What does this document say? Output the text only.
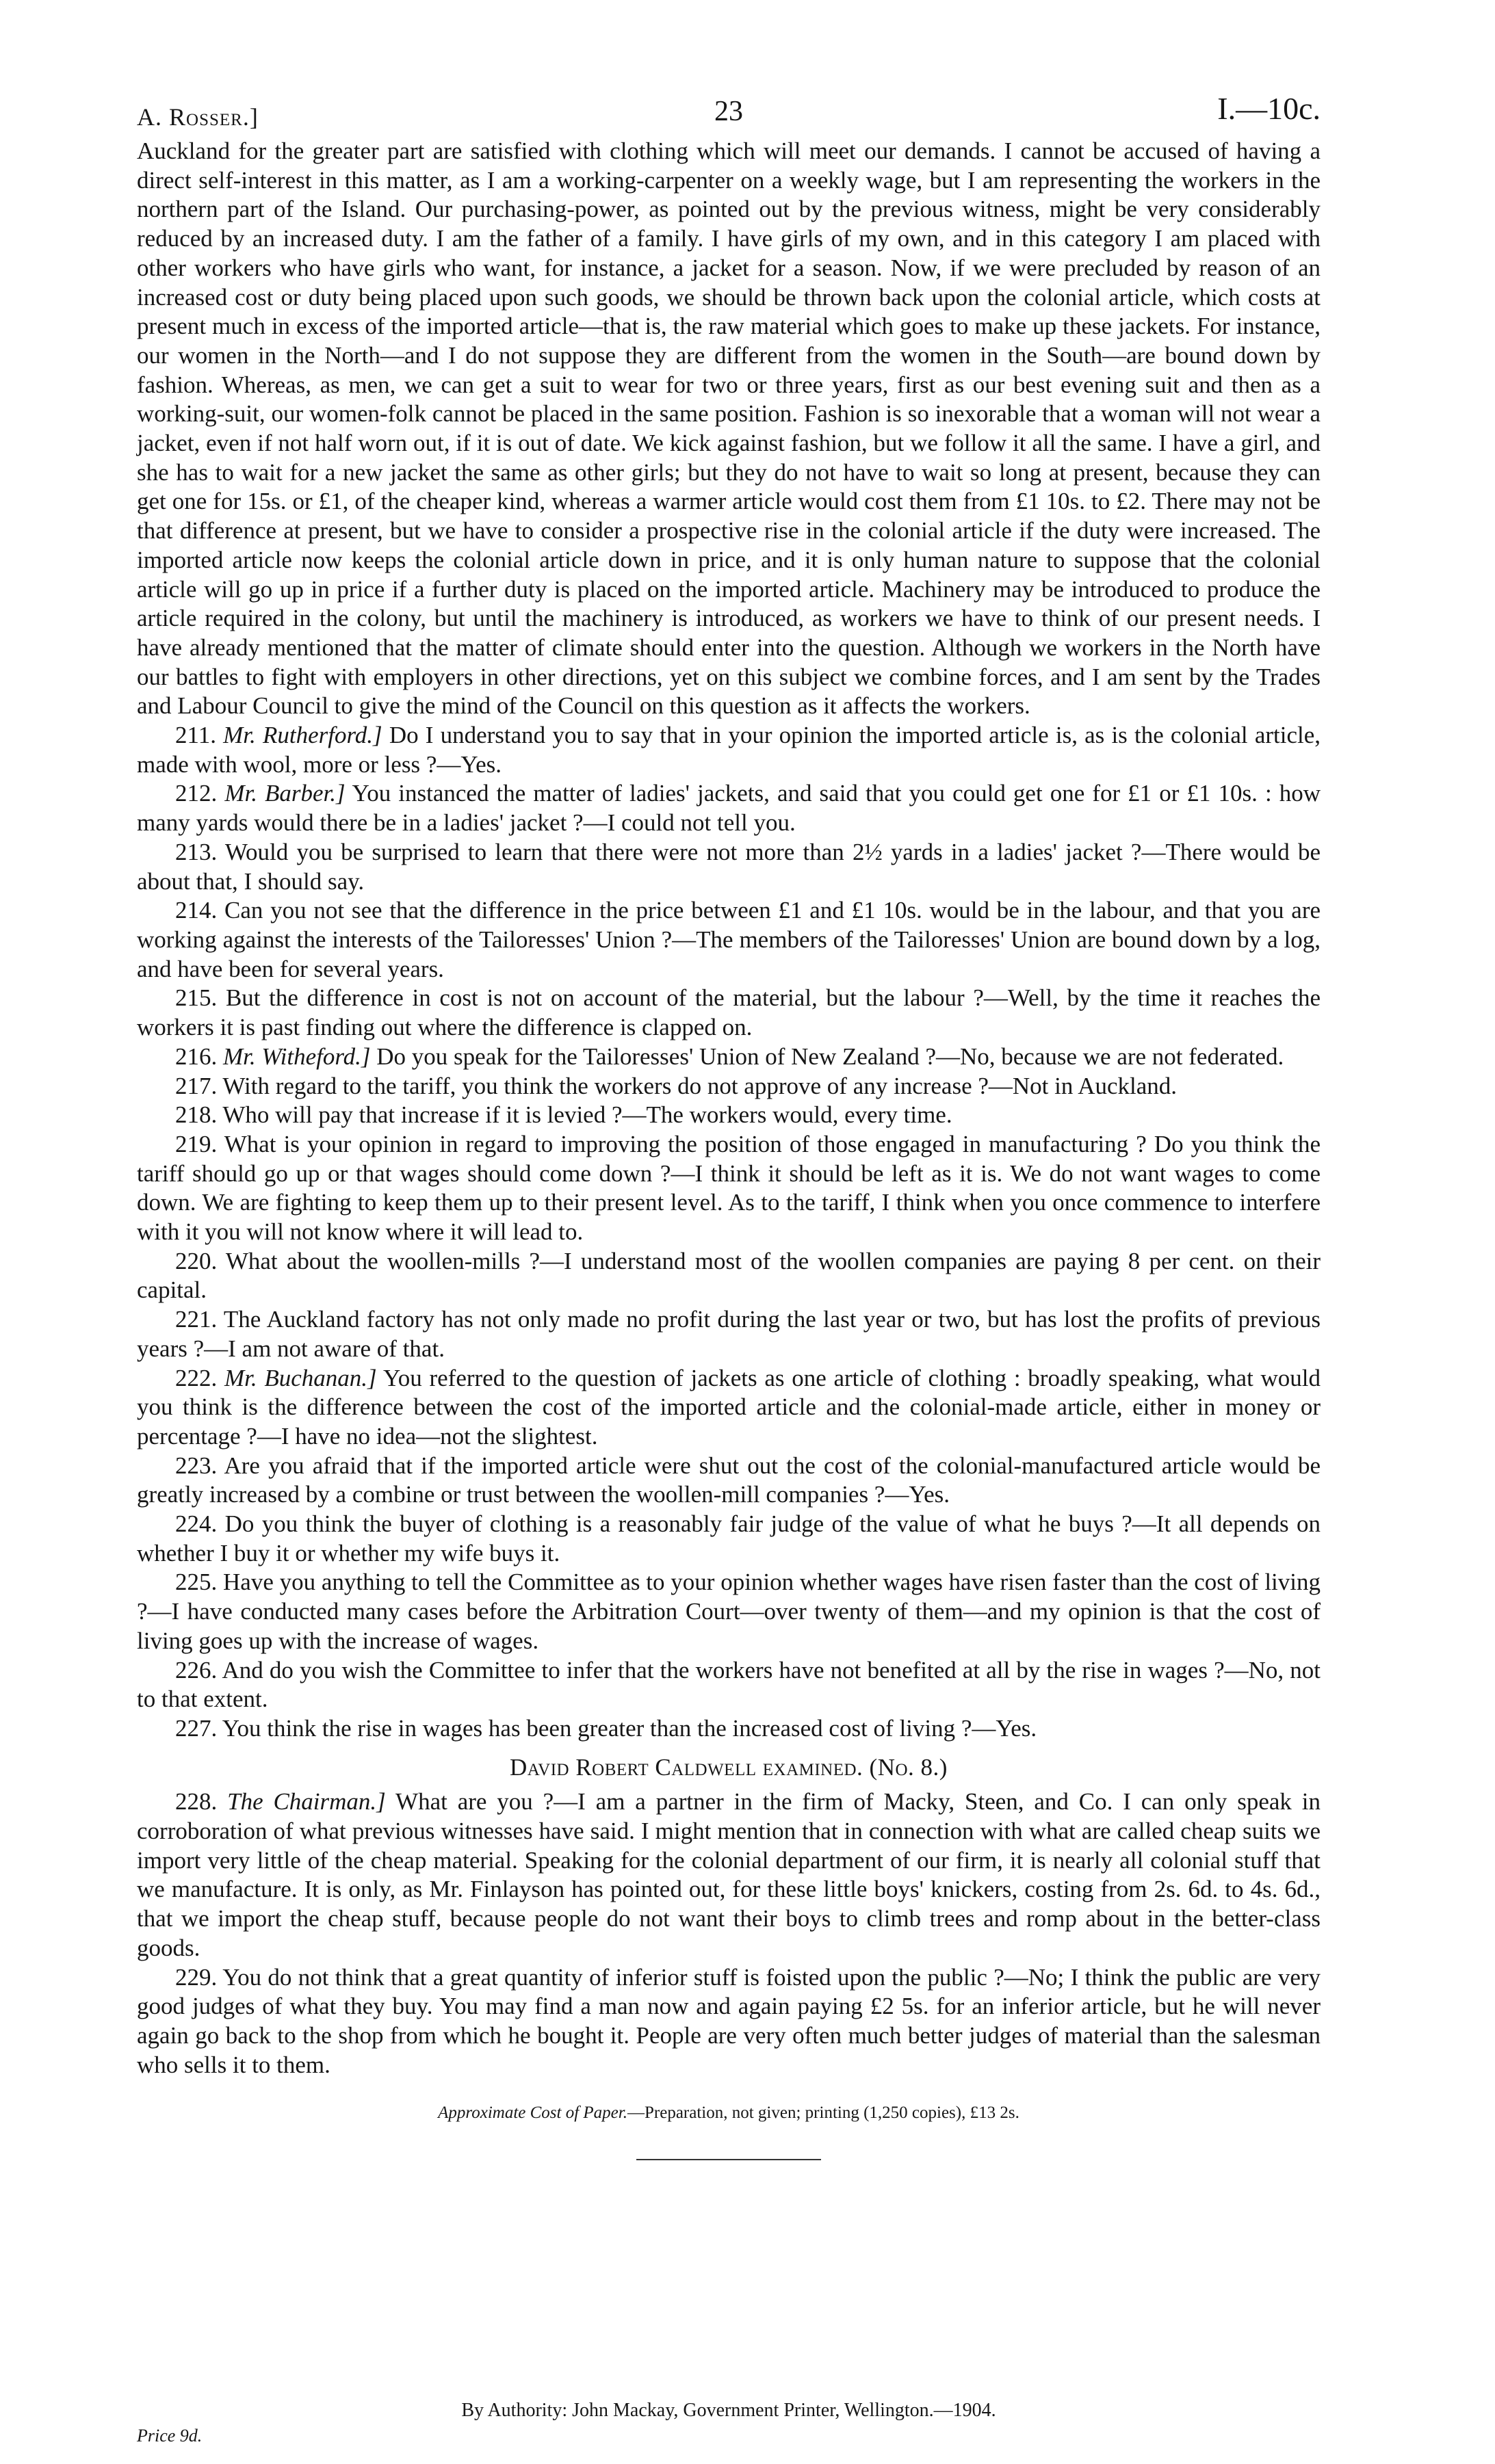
A. Rosser.]	23	I.—10c.

Auckland for the greater part are satisfied with clothing which will meet our demands. I cannot be accused of having a direct self-interest in this matter, as I am a working-carpenter on a weekly wage, but I am representing the workers in the northern part of the Island. Our purchasing-power, as pointed out by the previous witness, might be very considerably reduced by an increased duty. I am the father of a family. I have girls of my own, and in this category I am placed with other workers who have girls who want, for instance, a jacket for a season. Now, if we were precluded by reason of an increased cost or duty being placed upon such goods, we should be thrown back upon the colonial article, which costs at present much in excess of the imported article—that is, the raw material which goes to make up these jackets. For instance, our women in the North—and I do not suppose they are different from the women in the South—are bound down by fashion. Whereas, as men, we can get a suit to wear for two or three years, first as our best evening suit and then as a working-suit, our women-folk cannot be placed in the same position. Fashion is so inexorable that a woman will not wear a jacket, even if not half worn out, if it is out of date. We kick against fashion, but we follow it all the same. I have a girl, and she has to wait for a new jacket the same as other girls; but they do not have to wait so long at present, because they can get one for 15s. or £1, of the cheaper kind, whereas a warmer article would cost them from £1 10s. to £2. There may not be that difference at present, but we have to consider a prospective rise in the colonial article if the duty were increased. The imported article now keeps the colonial article down in price, and it is only human nature to suppose that the colonial article will go up in price if a further duty is placed on the imported article. Machinery may be introduced to produce the article required in the colony, but until the machinery is introduced, as workers we have to think of our present needs. I have already mentioned that the matter of climate should enter into the question. Although we workers in the North have our battles to fight with employers in other directions, yet on this subject we combine forces, and I am sent by the Trades and Labour Council to give the mind of the Council on this question as it affects the workers.

211. Mr. Rutherford.] Do I understand you to say that in your opinion the imported article is, as is the colonial article, made with wool, more or less ?—Yes.

212. Mr. Barber.] You instanced the matter of ladies' jackets, and said that you could get one for £1 or £1 10s. : how many yards would there be in a ladies' jacket ?—I could not tell you.

213. Would you be surprised to learn that there were not more than 2½ yards in a ladies' jacket ?—There would be about that, I should say.

214. Can you not see that the difference in the price between £1 and £1 10s. would be in the labour, and that you are working against the interests of the Tailoresses' Union ?—The members of the Tailoresses' Union are bound down by a log, and have been for several years.

215. But the difference in cost is not on account of the material, but the labour ?—Well, by the time it reaches the workers it is past finding out where the difference is clapped on.

216. Mr. Witheford.] Do you speak for the Tailoresses' Union of New Zealand ?—No, because we are not federated.

217. With regard to the tariff, you think the workers do not approve of any increase ?—Not in Auckland.

218. Who will pay that increase if it is levied ?—The workers would, every time.

219. What is your opinion in regard to improving the position of those engaged in manufacturing ? Do you think the tariff should go up or that wages should come down ?—I think it should be left as it is. We do not want wages to come down. We are fighting to keep them up to their present level. As to the tariff, I think when you once commence to interfere with it you will not know where it will lead to.

220. What about the woollen-mills ?—I understand most of the woollen companies are paying 8 per cent. on their capital.

221. The Auckland factory has not only made no profit during the last year or two, but has lost the profits of previous years ?—I am not aware of that.

222. Mr. Buchanan.] You referred to the question of jackets as one article of clothing : broadly speaking, what would you think is the difference between the cost of the imported article and the colonial-made article, either in money or percentage ?—I have no idea—not the slightest.

223. Are you afraid that if the imported article were shut out the cost of the colonial-manufactured article would be greatly increased by a combine or trust between the woollen-mill companies ?—Yes.

224. Do you think the buyer of clothing is a reasonably fair judge of the value of what he buys ?—It all depends on whether I buy it or whether my wife buys it.

225. Have you anything to tell the Committee as to your opinion whether wages have risen faster than the cost of living ?—I have conducted many cases before the Arbitration Court—over twenty of them—and my opinion is that the cost of living goes up with the increase of wages.

226. And do you wish the Committee to infer that the workers have not benefited at all by the rise in wages ?—No, not to that extent.

227. You think the rise in wages has been greater than the increased cost of living ?—Yes.

David Robert Caldwell examined. (No. 8.)

228. The Chairman.] What are you ?—I am a partner in the firm of Macky, Steen, and Co. I can only speak in corroboration of what previous witnesses have said. I might mention that in connection with what are called cheap suits we import very little of the cheap material. Speaking for the colonial department of our firm, it is nearly all colonial stuff that we manufacture. It is only, as Mr. Finlayson has pointed out, for these little boys' knickers, costing from 2s. 6d. to 4s. 6d., that we import the cheap stuff, because people do not want their boys to climb trees and romp about in the better-class goods.

229. You do not think that a great quantity of inferior stuff is foisted upon the public ?—No; I think the public are very good judges of what they buy. You may find a man now and again paying £2 5s. for an inferior article, but he will never again go back to the shop from which he bought it. People are very often much better judges of material than the salesman who sells it to them.

Approximate Cost of Paper.—Preparation, not given; printing (1,250 copies), £13 2s.
By Authority: John Mackay, Government Printer, Wellington.—1904.
Price 9d.
